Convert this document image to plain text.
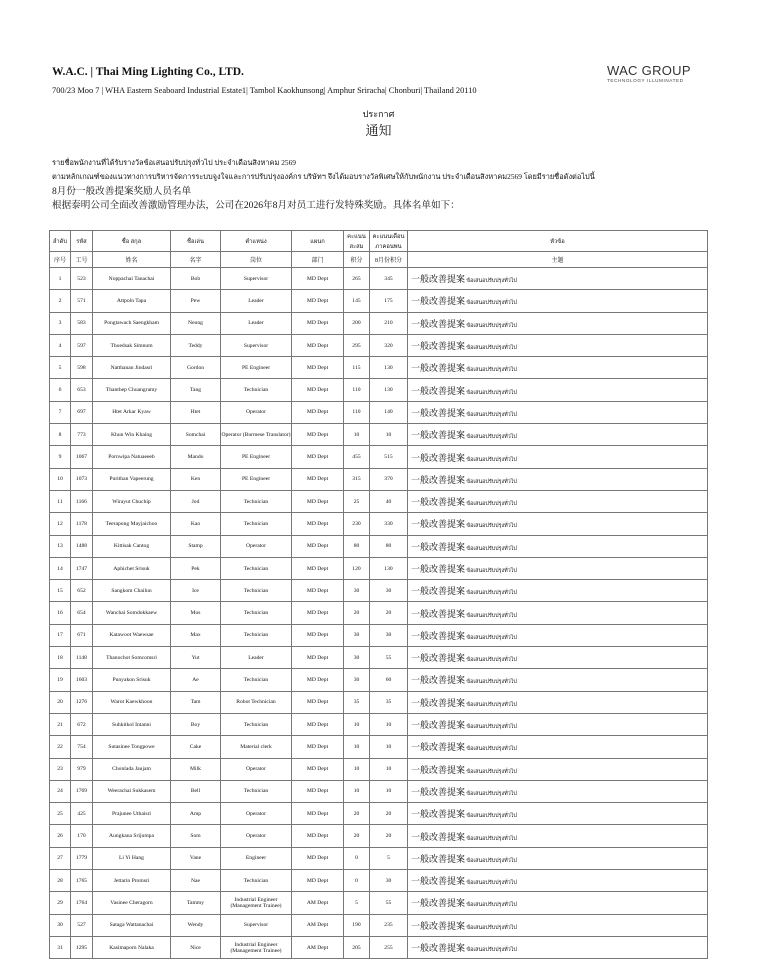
W.A.C. | Thai Ming Lighting Co., LTD.
700/23 Moo 7 | WHA Eastern Seaboard Industrial Estate1| Tambol Kaokhunsong| Amphur Sriracha| Chonburi| Thailand 20110
WAC GROUP
TECHNOLOGY ILLUMINATED
ประกาศ
通知
รายชื่อพนักงานที่ได้รับรางวัลข้อเสนอปรับปรุงทั่วไป ประจำเดือนสิงหาคม 2569
ตามหลักเกณฑ์ของแนวทางการบริหารจัดการระบบจูงใจและการปรับปรุงองค์กร บริษัทฯ จึงได้มอบรางวัลพิเศษให้กับพนักงาน ประจำเดือนสิงหาคม2569 โดยมีรายชื่อดังต่อไปนี้
8月份一般改善提案奖励人员名单
根据泰明公司全面改善激励管理办法，公司在2026年8月对员工进行发特殊奖励。具体名单如下：
ลำดับ	รหัส	ชื่อ สกุล	ชื่อเล่น	ตำแหน่ง	แผนก	คะแนน สะสม	คะแนนเดือน ภาคอนพน	หัวข้อ
序号	工号	姓名	名字	岗位	部门	积分	8月份积分	主题
1	523	Noppachai Tanachai	Bob	Supervisor	MD Dept	265	345	一般改善提案 ข้อเสนอปรับปรุงทั่วไป
2	571	Attpoln Tapa	Pew	Leader	MD Dept	145	175	一般改善提案 ข้อเสนอปรับปรุงทั่วไป
3	583	Pongtawach Saengkham	Neung	Leader	MD Dept	200	210	一般改善提案 ข้อเสนอปรับปรุงทั่วไป
4	597	Thoedsak Simnum	Teddy	Supervisor	MD Dept	295	320	一般改善提案 ข้อเสนอปรับปรุงทั่วไป
5	598	Natthanan Jindasri	Gordon	PE Engineer	MD Dept	115	130	一般改善提案 ข้อเสนอปรับปรุงทั่วไป
6	653	Thanthep Chuangramy	Tang	Technician	MD Dept	110	130	一般改善提案 ข้อเสนอปรับปรุงทั่วไป
7	697	Htet Arkar Kyaw	Htet	Operator	MD Dept	110	140	一般改善提案 ข้อเสนอปรับปรุงทั่วไป
8	773	Khun Win Khaing	Somchai	Operator (Burmese Translator)	MD Dept	10	10	一般改善提案 ข้อเสนอปรับปรุงทั่วไป
9	1067	Pornwipa Natuaeeeb	Mando	PE Engineer	MD Dept	455	515	一般改善提案 ข้อเสนอปรับปรุงทั่วไป
10	1073	Purithan Vapeerung	Ken	PE Engineer	MD Dept	315	370	一般改善提案 ข้อเสนอปรับปรุงทั่วไป
11	1166	Wirayut Chuchip	Jod	Technician	MD Dept	25	40	一般改善提案 ข้อเสนอปรับปรุงทั่วไป
12	1178	Teerapong Mayjaichoo	Kao	Technician	MD Dept	230	330	一般改善提案 ข้อเสนอปรับปรุงทั่วไป
13	1488	Kittisak Cantog	Stamp	Operator	MD Dept	80	80	一般改善提案 ข้อเสนอปรับปรุงทั่วไป
14	1747	Aphichet Srisuk	Pek	Technician	MD Dept	120	130	一般改善提案 ข้อเสนอปรับปรุงทั่วไป
15	652	Sangkom Chailun	Ice	Technician	MD Dept	30	30	一般改善提案 ข้อเสนอปรับปรุงทั่วไป
16	654	Wanchai Somdokkaew	Mos	Technician	MD Dept	20	20	一般改善提案 ข้อเสนอปรับปรุงทั่วไป
17	671	Katawoot Waewsae	Max	Technician	MD Dept	30	30	一般改善提案 ข้อเสนอปรับปรุงทั่วไป
18	1148	Thanochot Somcomsri	Yut	Leader	MD Dept	30	55	一般改善提案 ข้อเสนอปรับปรุงทั่วไป
19	1603	Punyakon Srisuk	Ae	Technician	MD Dept	30	60	一般改善提案 ข้อเสนอปรับปรุงทั่วไป
20	1276	Warot Kaewkhoon	Tam	Robot Technician	MD Dept	35	35	一般改善提案 ข้อเสนอปรับปรุงทั่วไป
21	672	Suhkitkol Intanni	Boy	Technician	MD Dept	10	10	一般改善提案 ข้อเสนอปรับปรุงทั่วไป
22	754	Sutasinee Tongpowe	Cake	Material clerk	MD Dept	10	10	一般改善提案 ข้อเสนอปรับปรุงทั่วไป
23	979	Chonlada Jaujam	Milk	Operator	MD Dept	10	10	一般改善提案 ข้อเสนอปรับปรุงทั่วไป
24	1769	Weerachai Sukkasem	Bell	Technician	MD Dept	10	10	一般改善提案 ข้อเสนอปรับปรุงทั่วไป
25	425	Prajunee Uthaisri	Amp	Operator	MD Dept	20	20	一般改善提案 ข้อเสนอปรับปรุงทั่วไป
26	170	Aungkana Srijumpa	Som	Operator	MD Dept	20	20	一般改善提案 ข้อเสนอปรับปรุงทั่วไป
27	1779	Li Yi Hang	Vane	Engineer	MD Dept	0	5	一般改善提案 ข้อเสนอปรับปรุงทั่วไป
28	1765	Jettarin Promsri	Nae	Technician	MD Dept	0	30	一般改善提案 ข้อเสนอปรับปรุงทั่วไป
29	1764	Vasinee Cheragorn	Tammy	Industrial Engineer (Management Trainee)	AM Dept	5	55	一般改善提案 ข้อเสนอปรับปรุงทั่วไป
30	527	Sataga Wattanachai	Wendy	Supervisor	AM Dept	190	235	一般改善提案 ข้อเสนอปรับปรุงทั่วไป
31	1295	Kasimaporn Nalaka	Nice	Industrial Engineer (Management Trainee)	AM Dept	205	255	一般改善提案 ข้อเสนอปรับปรุงทั่วไป
